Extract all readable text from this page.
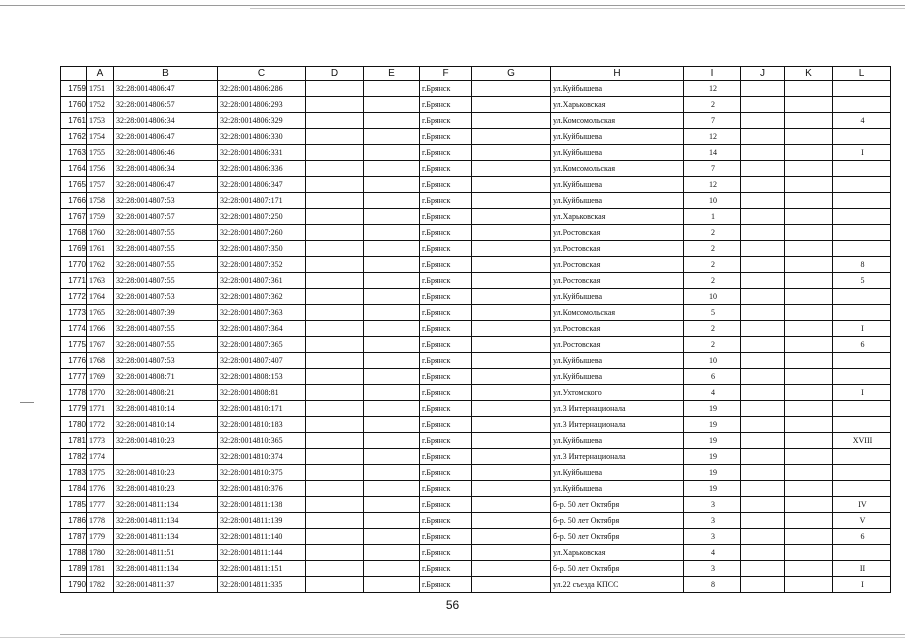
	A	B	C	D	E	F	G	H	I	J	K	L
1759	1751	32:28:0014806:47	32:28:0014806:286			г.Брянск		ул.Куйбышева	12			
1760	1752	32:28:0014806:57	32:28:0014806:293			г.Брянск		ул.Харьковская	2			
1761	1753	32:28:0014806:34	32:28:0014806:329			г.Брянск		ул.Комсомольская	7			4
1762	1754	32:28:0014806:47	32:28:0014806:330			г.Брянск		ул.Куйбышева	12			
1763	1755	32:28:0014806:46	32:28:0014806:331			г.Брянск		ул.Куйбышева	14			I
1764	1756	32:28:0014806:34	32:28:0014806:336			г.Брянск		ул.Комсомольская	7			
1765	1757	32:28:0014806:47	32:28:0014806:347			г.Брянск		ул.Куйбышева	12			
1766	1758	32:28:0014807:53	32:28:0014807:171			г.Брянск		ул.Куйбышева	10			
1767	1759	32:28:0014807:57	32:28:0014807:250			г.Брянск		ул.Харьковская	1			
1768	1760	32:28:0014807:55	32:28:0014807:260			г.Брянск		ул.Ростовская	2			
1769	1761	32:28:0014807:55	32:28:0014807:350			г.Брянск		ул.Ростовская	2			
1770	1762	32:28:0014807:55	32:28:0014807:352			г.Брянск		ул.Ростовская	2			8
1771	1763	32:28:0014807:55	32:28:0014807:361			г.Брянск		ул.Ростовская	2			5
1772	1764	32:28:0014807:53	32:28:0014807:362			г.Брянск		ул.Куйбышева	10			
1773	1765	32:28:0014807:39	32:28:0014807:363			г.Брянск		ул.Комсомольская	5			
1774	1766	32:28:0014807:55	32:28:0014807:364			г.Брянск		ул.Ростовская	2			I
1775	1767	32:28:0014807:55	32:28:0014807:365			г.Брянск		ул.Ростовская	2			6
1776	1768	32:28:0014807:53	32:28:0014807:407			г.Брянск		ул.Куйбышева	10			
1777	1769	32:28:0014808:71	32:28:0014808:153			г.Брянск		ул.Куйбышева	6			
1778	1770	32:28:0014808:21	32:28:0014808:81			г.Брянск		ул.Ухтомского	4			I
1779	1771	32:28:0014810:14	32:28:0014810:171			г.Брянск		ул.3 Интернационала	19			
1780	1772	32:28:0014810:14	32:28:0014810:183			г.Брянск		ул.3 Интернационала	19			
1781	1773	32:28:0014810:23	32:28:0014810:365			г.Брянск		ул.Куйбышева	19			XVIII
1782	1774		32:28:0014810:374			г.Брянск		ул.3 Интернационала	19			
1783	1775	32:28:0014810:23	32:28:0014810:375			г.Брянск		ул.Куйбышева	19			
1784	1776	32:28:0014810:23	32:28:0014810:376			г.Брянск		ул.Куйбышева	19			
1785	1777	32:28:0014811:134	32:28:0014811:138			г.Брянск		б-р. 50 лет Октября	3			IV
1786	1778	32:28:0014811:134	32:28:0014811:139			г.Брянск		б-р. 50 лет Октября	3			V
1787	1779	32:28:0014811:134	32:28:0014811:140			г.Брянск		б-р. 50 лет Октября	3			6
1788	1780	32:28:0014811:51	32:28:0014811:144			г.Брянск		ул.Харьковская	4			
1789	1781	32:28:0014811:134	32:28:0014811:151			г.Брянск		б-р. 50 лет Октября	3			II
1790	1782	32:28:0014811:37	32:28:0014811:335			г.Брянск		ул.22 съезда КПСС	8			I
56
